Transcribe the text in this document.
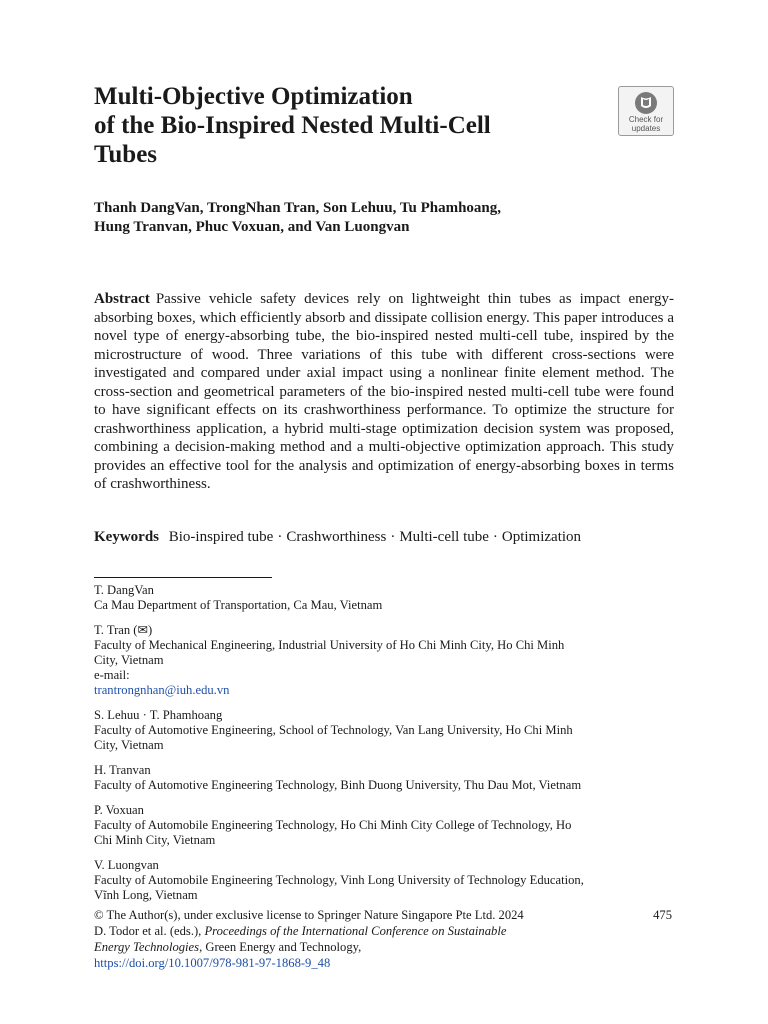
Multi-Objective Optimization
of the Bio-Inspired Nested Multi-Cell
Tubes
Check for
updates
Thanh DangVan, TrongNhan Tran, Son Lehuu, Tu Phamhoang,
Hung Tranvan, Phuc Voxuan, and Van Luongvan

Abstract Passive vehicle safety devices rely on lightweight thin tubes as impact energy-absorbing boxes, which efficiently absorb and dissipate collision energy. This paper introduces a novel type of energy-absorbing tube, the bio-inspired nested multi-cell tube, inspired by the microstructure of wood. Three variations of this tube with different cross-sections were investigated and compared under axial impact using a nonlinear finite element method. The cross-section and geometrical parameters of the bio-inspired nested multi-cell tube were found to have significant effects on its crashworthiness performance. To optimize the structure for crashworthiness application, a hybrid multi-stage optimization decision system was proposed, combining a decision-making method and a multi-objective optimization approach. This study provides an effective tool for the analysis and optimization of energy-absorbing boxes in terms of crashworthiness.

Keywords Bio-inspired tube · Crashworthiness · Multi-cell tube · Optimization
T. DangVan
Ca Mau Department of Transportation, Ca Mau, Vietnam
T. Tran (✉)
Faculty of Mechanical Engineering, Industrial University of Ho Chi Minh City, Ho Chi Minh
City, Vietnam
e-mail:
trantrongnhan@iuh.edu.vn
S. Lehuu · T. Phamhoang
Faculty of Automotive Engineering, School of Technology, Van Lang University, Ho Chi Minh
City, Vietnam
H. Tranvan
Faculty of Automotive Engineering Technology, Binh Duong University, Thu Dau Mot, Vietnam
P. Voxuan
Faculty of Automobile Engineering Technology, Ho Chi Minh City College of Technology, Ho
Chi Minh City, Vietnam
V. Luongvan
Faculty of Automobile Engineering Technology, Vinh Long University of Technology Education,
Vĩnh Long, Vietnam
475
© The Author(s), under exclusive license to Springer Nature Singapore Pte Ltd. 2024
D. Todor et al. (eds.), Proceedings of the International Conference on Sustainable
Energy Technologies, Green Energy and Technology,
https://doi.org/10.1007/978-981-97-1868-9_48
